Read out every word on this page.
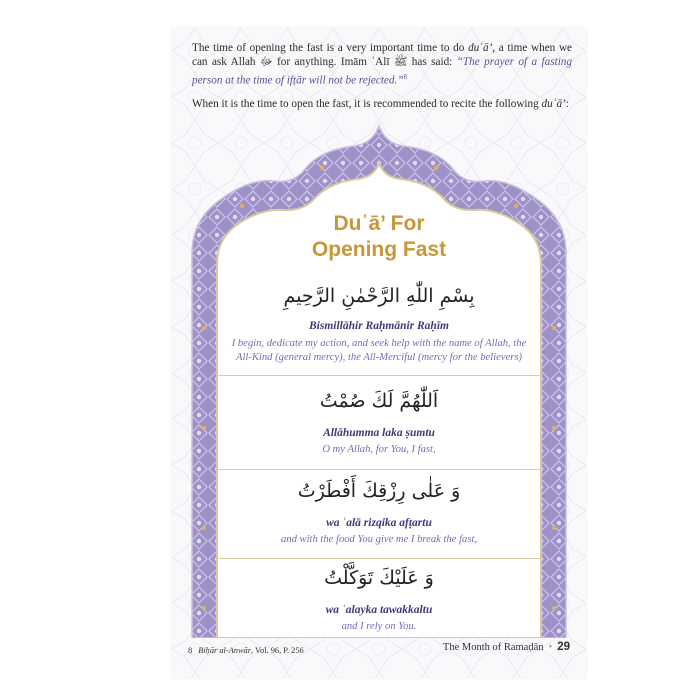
The time of opening the fast is a very important time to do duʿā’, a time when we can ask Allah ﷻ for anything. Imām ʿAlī ﷺ has said: “The prayer of a fasting person at the time of ifṭār will not be rejected.”$^8$

When it is the time to open the fast, it is recommended to recite the following duʿā’:

Duʿā’ For
Opening Fast
بِسْمِ اللّٰهِ الرَّحْمٰنِ الرَّحِيمِ
Bismillāhir Raḥmānir Raḥīm
I begin, dedicate my action, and seek help with the name of Allah, the
All-Kind (general mercy), the All-Merciful (mercy for the believers)
اَللّٰهُمَّ لَكَ صُمْتُ
Allāhumma laka ṣumtu
O my Allah, for You, I fast,
وَ عَلٰى رِزْقِكَ أَفْطَرْتُ
wa ʿalā rizqika afṭartu
and with the food You give me I break the fast,
وَ عَلَيْكَ تَوَكَّلْتُ
wa ʿalayka tawakkaltu
and I rely on You.
8 Biḥār al-Anwār, Vol. 96, P. 256	The Month of Ramaḍān • 29
